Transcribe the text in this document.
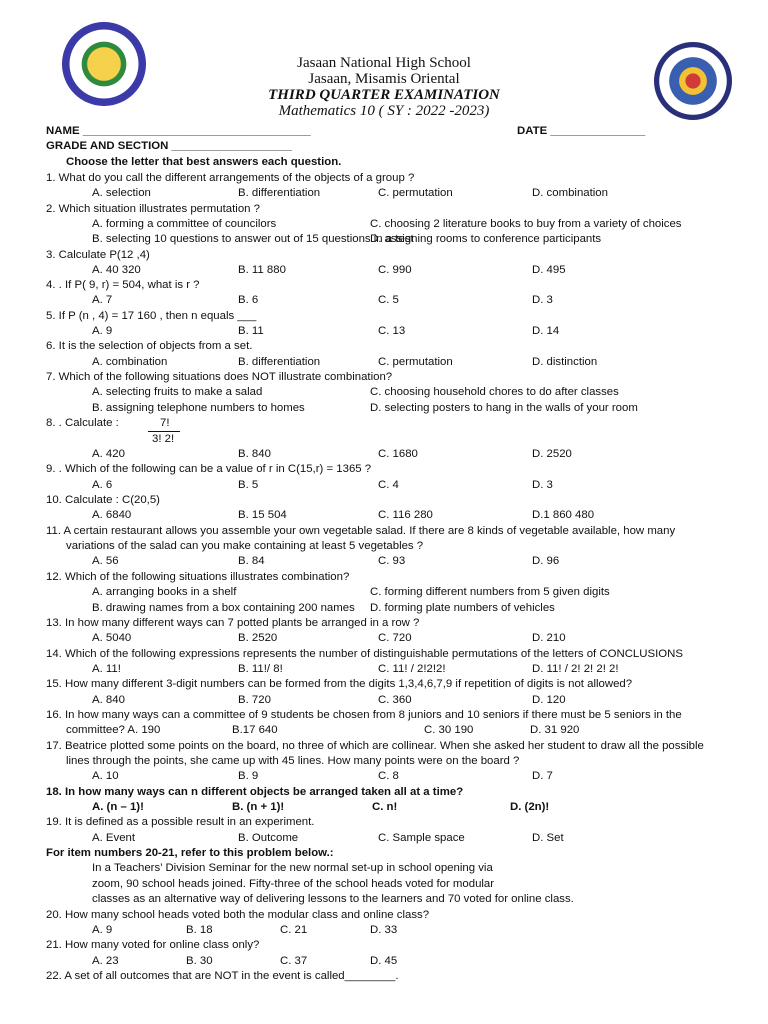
Jasaan National High School
Jasaan, Misamis Oriental
THIRD QUARTER EXAMINATION
Mathematics 10 ( SY : 2022 -2023)
NAME ____________________________________	DATE _______________
GRADE AND SECTION ___________________
Choose the letter that best answers each question.
1. What do you call the different arrangements of the objects of a group ?
A. selection	B. differentiation	C. permutation	D. combination
2. Which situation illustrates permutation ?
A. forming a committee of councilors	C. choosing 2 literature books to buy from a variety of choices
B. selecting 10 questions to answer out of 15 questions in a test
D. assigning rooms to conference participants
3. Calculate P(12 ,4)
A. 40 320	B. 11 880	C. 990	D. 495
4. . If P( 9, r) = 504, what is r ?
A. 7	B. 6	C. 5	D. 3
5. If P (n , 4) = 17 160 , then n equals ___
A. 9	B. 11	C. 13	D. 14
6. It is the selection of objects from a set.
A. combination	B. differentiation	C. permutation	D. distinction
7. Which of the following situations does NOT illustrate combination?
A. selecting fruits to make a salad	C. choosing household chores to do after classes
B. assigning telephone numbers to homes	D. selecting posters to hang in the walls of your room
8. . Calculate :	7!
3! 2!
A. 420	B. 840	C. 1680	D. 2520
9. . Which of the following can be a value of r in C(15,r) = 1365 ?
A. 6	B. 5	C. 4	D. 3
10. Calculate : C(20,5)
A. 6840	B. 15 504	C. 116 280	D.1 860 480
11. A certain restaurant allows you assemble your own vegetable salad. If there are 8 kinds of vegetable available, how many
variations of the salad can you make containing at least 5 vegetables ?
A. 56	B. 84	C. 93	D. 96
12. Which of the following situations illustrates combination?
A. arranging books in a shelf	C. forming different numbers from 5 given digits
B. drawing names from a box containing 200 names D. forming plate numbers of vehicles
13. In how many different ways can 7 potted plants be arranged in a row ?
A. 5040	B. 2520	C. 720	D. 210
14. Which of the following expressions represents the number of distinguishable permutations of the letters of CONCLUSIONS
A. 11!	B. 11!/ 8!	C. 11! / 2!2!2!	D. 11! / 2! 2! 2! 2!
15. How many different 3-digit numbers can be formed from the digits 1,3,4,6,7,9 if repetition of digits is not allowed?
A. 840	B. 720	C. 360	D. 120
16. In how many ways can a committee of 9 students be chosen from 8 juniors and 10 seniors if there must be 5 seniors in the
committee? A. 190	B.17 640	C. 30 190	D. 31 920
17. Beatrice plotted some points on the board, no three of which are collinear. When she asked her student to draw all the possible
lines through the points, she came up with 45 lines. How many points were on the board ?
A. 10	B. 9	C. 8	D. 7
18. In how many ways can n different objects be arranged taken all at a time?
A. (n – 1)!	B. (n + 1)!	C. n!	D. (2n)!
19. It is defined as a possible result in an experiment.
A. Event	B. Outcome	C. Sample space	D. Set
For item numbers 20-21, refer to this problem below.:
In a Teachers’ Division Seminar for the new normal set-up in school opening via
zoom, 90 school heads joined. Fifty-three of the school heads voted for modular
classes as an alternative way of delivering lessons to the learners and 70 voted for online class.
20. How many school heads voted both the modular class and online class?
A. 9	B. 18	C. 21	D. 33
21. How many voted for online class only?
A. 23	B. 30	C. 37	D. 45
22. A set of all outcomes that are NOT in the event is called________.
